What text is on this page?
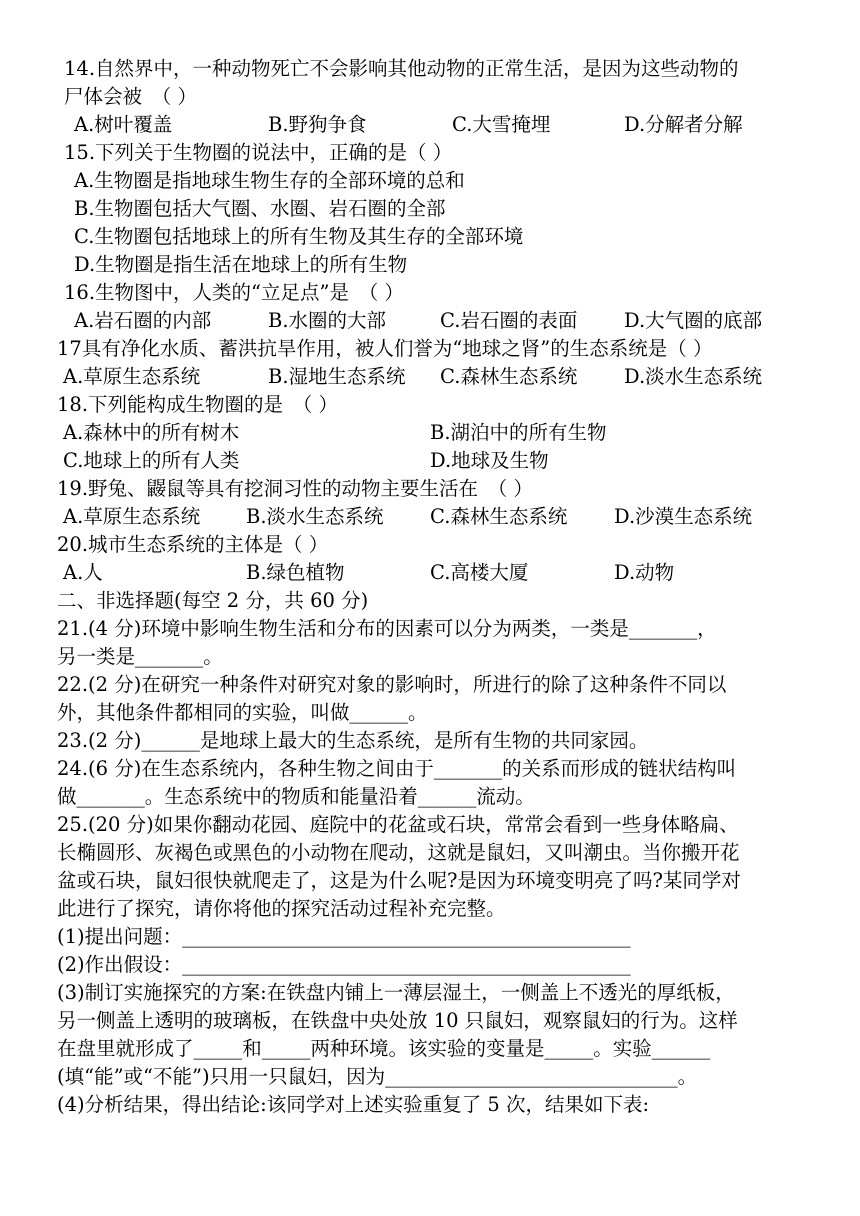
14.自然界中，一种动物死亡不会影响其他动物的正常生活，是因为这些动物的
尸体会被　（ ）
A.树叶覆盖	B.野狗争食	C.大雪掩埋	D.分解者分解
15.下列关于生物圈的说法中，正确的是（ ）
A.生物圈是指地球生物生存的全部环境的总和
B.生物圈包括大气圈、水圈、岩石圈的全部
C.生物圈包括地球上的所有生物及其生存的全部环境
D.生物圈是指生活在地球上的所有生物
16.生物图中，人类的“立足点”是　（ ）
A.岩石圈的内部	B.水圈的大部	C.岩石圈的表面 D.大气圈的底部
17具有净化水质、蓄洪抗旱作用，被人们誉为“地球之肾”的生态系统是（ ）
A.草原生态系统	B.湿地生态系统 C.森林生态系统 D.淡水生态系统
18.下列能构成生物圈的是　（ ）
A.森林中的所有树木	B.湖泊中的所有生物
C.地球上的所有人类	D.地球及生物
19.野兔、鼹鼠等具有挖洞习性的动物主要生活在　（ ）
A.草原生态系统 B.淡水生态系统 C.森林生态系统 D.沙漠生态系统
20.城市生态系统的主体是（ ）
A.人	B.绿色植物	C.高楼大厦	D.动物
二、非选择题(每空 2 分，共 60 分)
21.(4 分)环境中影响生物生活和分布的因素可以分为两类，一类是_______，
另一类是_______。
22.(2 分)在研究一种条件对研究对象的影响时，所进行的除了这种条件不同以
外，其他条件都相同的实验，叫做______。
23.(2 分)______是地球上最大的生态系统，是所有生物的共同家园。
24.(6 分)在生态系统内，各种生物之间由于_______的关系而形成的链状结构叫
做_______。生态系统中的物质和能量沿着______流动。
25.(20 分)如果你翻动花园、庭院中的花盆或石块，常常会看到一些身体略扁、
长椭圆形、灰褐色或黑色的小动物在爬动，这就是鼠妇，又叫潮虫。当你搬开花
盆或石块，鼠妇很快就爬走了，这是为什么呢?是因为环境变明亮了吗?某同学对
此进行了探究，请你将他的探究活动过程补充完整。
(1)提出问题：______________________________________________
(2)作出假设：______________________________________________
(3)制订实施探究的方案:在铁盘内铺上一薄层湿土，一侧盖上不透光的厚纸板，
另一侧盖上透明的玻璃板，在铁盘中央处放 10 只鼠妇，观察鼠妇的行为。这样
在盘里就形成了_____和_____两种环境。该实验的变量是_____。实验______
(填“能”或“不能”)只用一只鼠妇，因为______________________________。
(4)分析结果，得出结论:该同学对上述实验重复了 5 次，结果如下表:
